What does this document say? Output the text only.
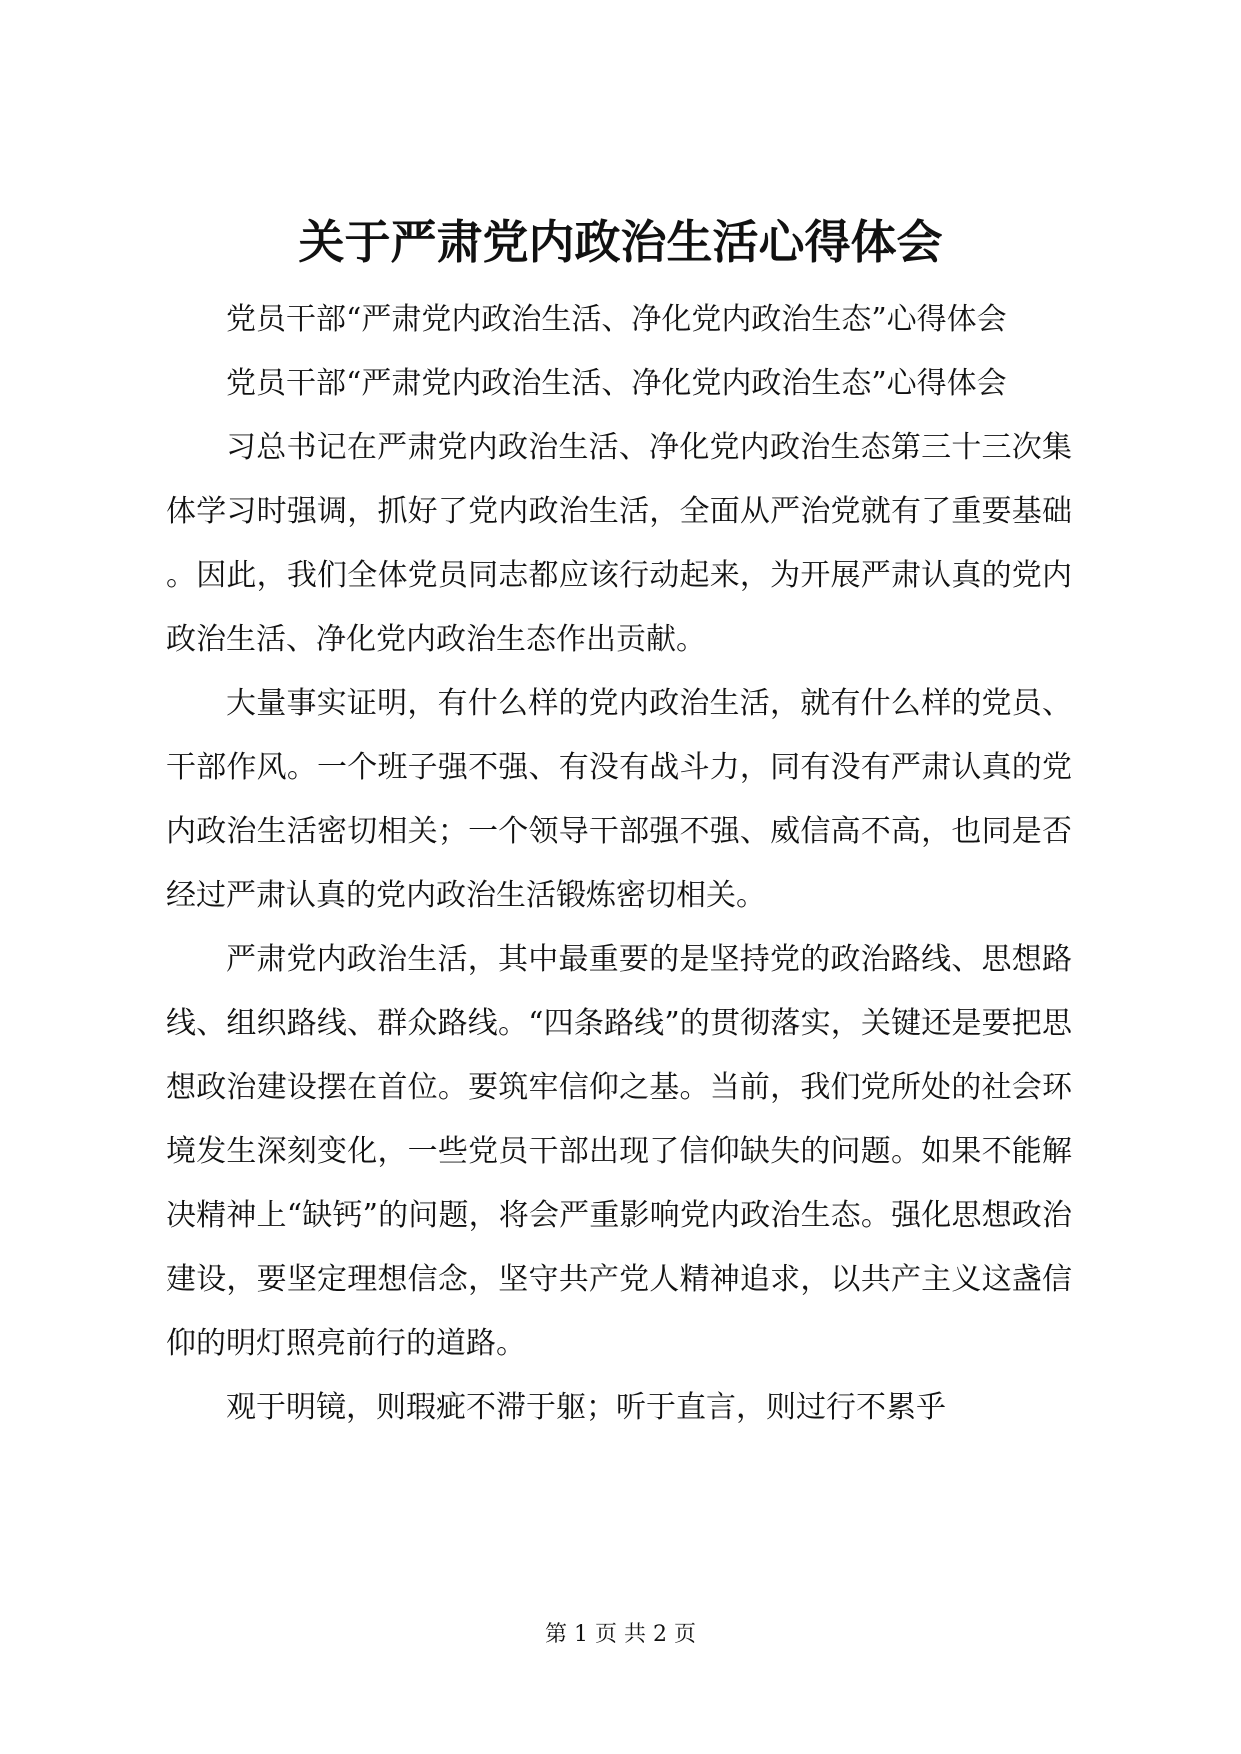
关于严肃党内政治生活心得体会

党员干部“严肃党内政治生活、净化党内政治生态”心得体会

党员干部“严肃党内政治生活、净化党内政治生态”心得体会

习总书记在严肃党内政治生活、净化党内政治生态第三十三次集体学习时强调，抓好了党内政治生活，全面从严治党就有了重要基础。因此，我们全体党员同志都应该行动起来，为开展严肃认真的党内政治生活、净化党内政治生态作出贡献。

大量事实证明，有什么样的党内政治生活，就有什么样的党员、干部作风。一个班子强不强、有没有战斗力，同有没有严肃认真的党内政治生活密切相关；一个领导干部强不强、威信高不高，也同是否经过严肃认真的党内政治生活锻炼密切相关。

严肃党内政治生活，其中最重要的是坚持党的政治路线、思想路线、组织路线、群众路线。“四条路线”的贯彻落实，关键还是要把思想政治建设摆在首位。要筑牢信仰之基。当前，我们党所处的社会环境发生深刻变化，一些党员干部出现了信仰缺失的问题。如果不能解决精神上“缺钙”的问题，将会严重影响党内政治生态。强化思想政治建设，要坚定理想信念，坚守共产党人精神追求，以共产主义这盏信仰的明灯照亮前行的道路。

观于明镜，则瑕疵不滞于躯；听于直言，则过行不累乎

第 1 页 共 2 页
